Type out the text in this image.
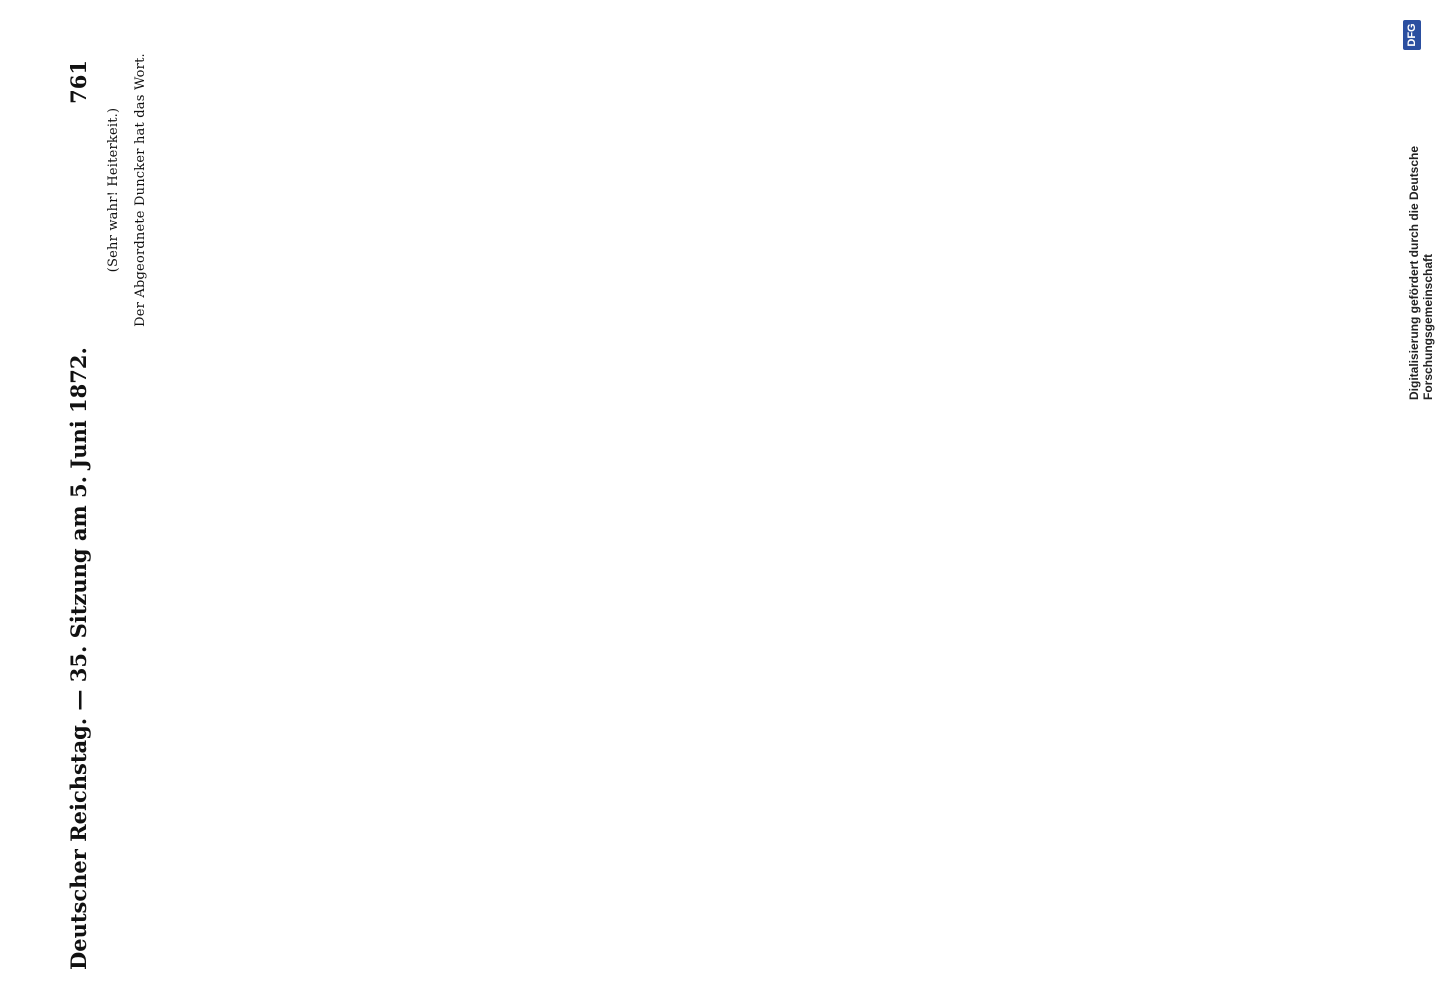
Deutscher Reichstag. — 35. Sitzung am 5. Juni 1872.
761

(Sehr wahr! Heiterkeit.) Der Abgeordnete Duncker hat das Wort.	Digitalisierung gefördert durch die Deutsche Forschungsgemeinschaft
DFG
